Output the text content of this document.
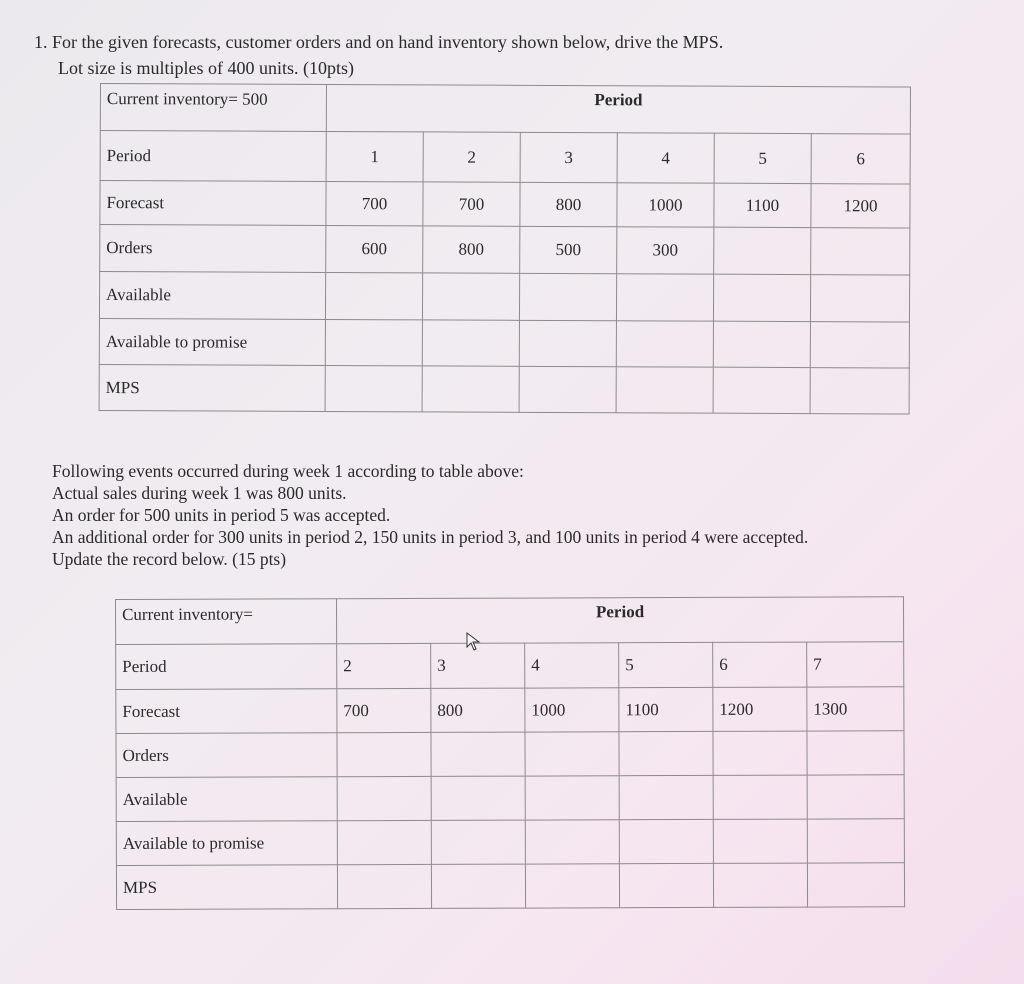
1. For the given forecasts, customer orders and on hand inventory shown below, drive the MPS.
Lot size is multiples of 400 units. (10pts)
Current inventory= 500	Period					
Period	1	2	3	4	5	6
Forecast	700	700	800	1000	1100	1200
Orders	600	800	500	300		
Available						
Available to promise						
MPS						
Following events occurred during week 1 according to table above:
Actual sales during week 1 was 800 units.
An order for 500 units in period 5 was accepted.
An additional order for 300 units in period 2, 150 units in period 3, and 100 units in period 4 were accepted.
Update the record below. (15 pts)
Current inventory=	Period					
Period	2	3	4	5	6	7
Forecast	700	800	1000	1100	1200	1300
Orders						
Available						
Available to promise						
MPS						
